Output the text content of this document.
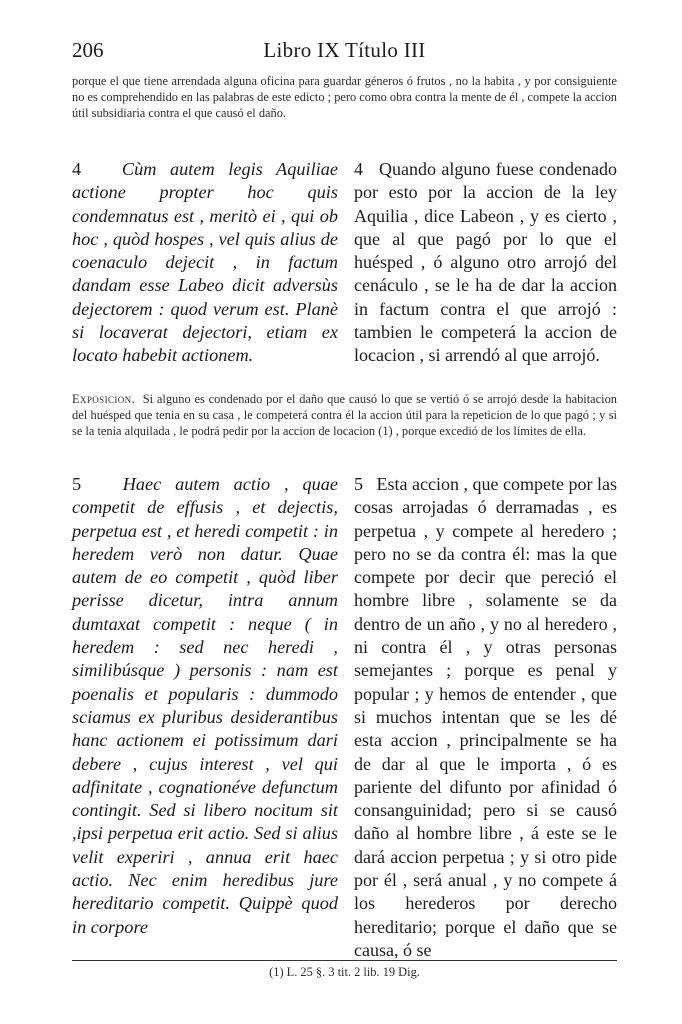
206	Libro IX Título III
porque el que tiene arrendada alguna oficina para guardar géneros ó frutos , no la habita , y por consiguiente no es comprehendido en las palabras de este edicto ; pero como obra contra la mente de él , compete la accion útil subsidiaria contra el que causó el daño.
4 Cùm autem legis Aquiliae actione propter hoc quis condemnatus est , meritò ei , qui ob hoc , quòd hospes , vel quis alius de coenaculo dejecit , in factum dandam esse Labeo dicit adversùs dejectorem : quod verum est. Planè si locaverat dejectori, etiam ex locato habebit actionem.
4 Quando alguno fuese condenado por esto por la accion de la ley Aquilia , dice Labeon , y es cierto , que al que pagó por lo que el huésped , ó alguno otro arrojó del cenáculo , se le ha de dar la accion in factum contra el que arrojó : tambien le competerá la accion de locacion , si arrendó al que arrojó.
Exposicion. Si alguno es condenado por el daño que causó lo que se vertió ó se arrojó desde la habitacion del huésped que tenia en su casa , le competerá contra él la accion útil para la repeticion de lo que pagó ; y si se la tenia alquilada , le podrá pedir por la accion de locacion (1) , porque excedió de los límites de ella.
5 Haec autem actio , quae competit de effusis , et dejectis, perpetua est , et heredi competit : in heredem verò non datur. Quae autem de eo competit , quòd liber perisse dicetur, intra annum dumtaxat competit : neque ( in heredem : sed nec heredi , similibúsque ) personis : nam est poenalis et popularis : dummodo sciamus ex pluribus desiderantibus hanc actionem ei potissimum dari debere , cujus interest , vel qui adfinitate , cognationéve defunctum contingit. Sed si libero nocitum sit ,ipsi perpetua erit actio. Sed si alius velit experiri , annua erit haec actio. Nec enim heredibus jure hereditario competit. Quippè quod in corpore
5 Esta accion , que compete por las cosas arrojadas ó derramadas , es perpetua , y compete al heredero ; pero no se da contra él: mas la que compete por decir que pereció el hombre libre , solamente se da dentro de un año , y no al heredero , ni contra él , y otras personas semejantes ; porque es penal y popular ; y hemos de entender , que si muchos intentan que se les dé esta accion , principalmente se ha de dar al que le importa , ó es pariente del difunto por afinidad ó consanguinidad; pero si se causó daño al hombre libre , á este se le dará accion perpetua ; y si otro pide por él , será anual , y no compete á los herederos por derecho hereditario; porque el daño que se causa, ó se
(1) L. 25 §. 3 tit. 2 lib. 19 Dig.
